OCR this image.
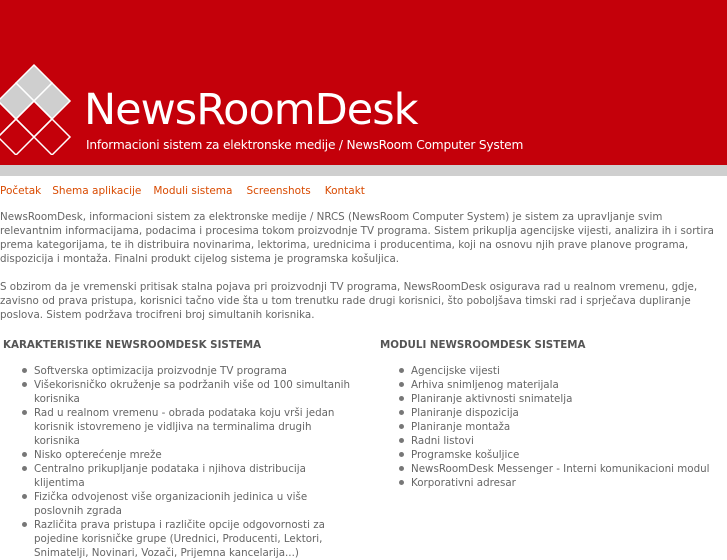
NewsRoomDesk
Informacioni sistem za elektronske medije / NewsRoom Computer System
Početak Shema aplikacije Moduli sistema Screenshots Kontakt

NewsRoomDesk, informacioni sistem za elektronske medije / NRCS (NewsRoom Computer System) je sistem za upravljanje svim relevantnim informacijama, podacima i procesima tokom proizvodnje TV programa. Sistem prikuplja agencijske vijesti, analizira ih i sortira prema kategorijama, te ih distribuira novinarima, lektorima, urednicima i producentima, koji na osnovu njih prave planove programa, dispozicija i montaža. Finalni produkt cijelog sistema je programska košuljica.

S obzirom da je vremenski pritisak stalna pojava pri proizvodnji TV programa, NewsRoomDesk osigurava rad u realnom vremenu, gdje, zavisno od prava pristupa, korisnici tačno vide šta u tom trenutku rade drugi korisnici, što poboljšava timski rad i sprječava dupliranje poslova. Sistem podržava trocifreni broj simultanih korisnika.

KARAKTERISTIKE NEWSROOMDESK SISTEMA
Softverska optimizacija proizvodnje TV programa
Višekorisničko okruženje sa podržanih više od 100 simultanih korisnika
Rad u realnom vremenu - obrada podataka koju vrši jedan korisnik istovremeno je vidljiva na terminalima drugih korisnika
Nisko opterećenje mreže
Centralno prikupljanje podataka i njihova distribucija klijentima
Fizička odvojenost više organizacionih jedinica u više poslovnih zgrada
Različita prava pristupa i različite opcije odgovornosti za pojedine korisničke grupe (Urednici, Producenti, Lektori, Snimatelji, Novinari, Vozači, Prijemna kancelarija...)
MODULI NEWSROOMDESK SISTEMA
Agencijske vijesti
Arhiva snimljenog materijala
Planiranje aktivnosti snimatelja
Planiranje dispozicija
Planiranje montaža
Radni listovi
Programske košuljice
NewsRoomDesk Messenger - Interni komunikacioni modul
Korporativni adresar
